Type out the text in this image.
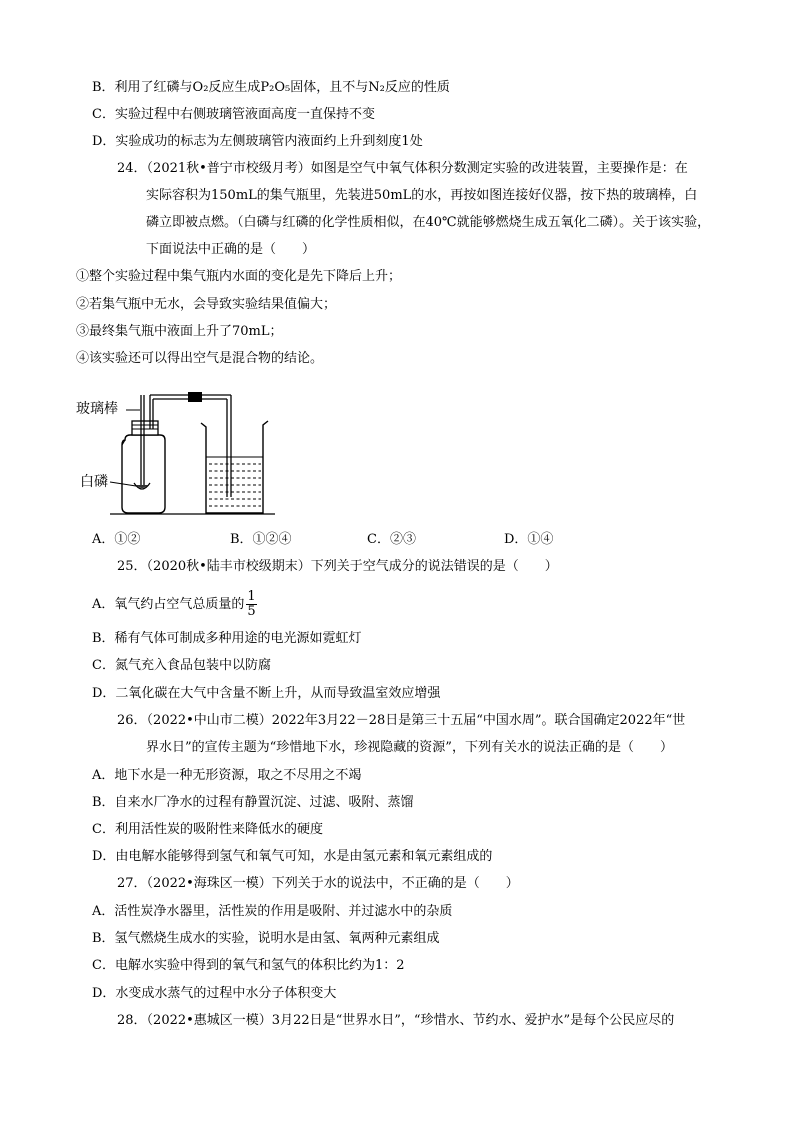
B．利用了红磷与O₂反应生成P₂O₅固体，且不与N₂反应的性质
C．实验过程中右侧玻璃管液面高度一直保持不变
D．实验成功的标志为左侧玻璃管内液面约上升到刻度1处
24．（2021秋•普宁市校级月考）如图是空气中氧气体积分数测定实验的改进装置，主要操作是：在
实际容积为150mL的集气瓶里，先装进50mL的水，再按如图连接好仪器，按下热的玻璃棒，白
磷立即被点燃。（白磷与红磷的化学性质相似，在40℃就能够燃烧生成五氧化二磷）。关于该实验，
下面说法中正确的是（　　）
①整个实验过程中集气瓶内水面的变化是先下降后上升；
②若集气瓶中无水，会导致实验结果值偏大；
③最终集气瓶中液面上升了70mL；
④该实验还可以得出空气是混合物的结论。
玻璃棒
白磷
A．①②	B．①②④	C．②③	D．①④
25．（2020秋•陆丰市校级期末）下列关于空气成分的说法错误的是（　　）
A．氧气约占空气总质量的 $\frac{1}{5}$
B．稀有气体可制成多种用途的电光源如霓虹灯
C．氮气充入食品包装中以防腐
D．二氧化碳在大气中含量不断上升，从而导致温室效应增强
26．（2022•中山市二模）2022年3月22－28日是第三十五届“中国水周”。联合国确定2022年“世
界水日”的宣传主题为“珍惜地下水，珍视隐藏的资源”，下列有关水的说法正确的是（　　）
A．地下水是一种无形资源，取之不尽用之不竭
B．自来水厂净水的过程有静置沉淀、过滤、吸附、蒸馏
C．利用活性炭的吸附性来降低水的硬度
D．由电解水能够得到氢气和氧气可知，水是由氢元素和氧元素组成的
27．（2022•海珠区一模）下列关于水的说法中，不正确的是（　　）
A．活性炭净水器里，活性炭的作用是吸附、并过滤水中的杂质
B．氢气燃烧生成水的实验，说明水是由氢、氧两种元素组成
C．电解水实验中得到的氧气和氢气的体积比约为1：2
D．水变成水蒸气的过程中水分子体积变大
28．（2022•惠城区一模）3月22日是“世界水日”，“珍惜水、节约水、爱护水”是每个公民应尽的
